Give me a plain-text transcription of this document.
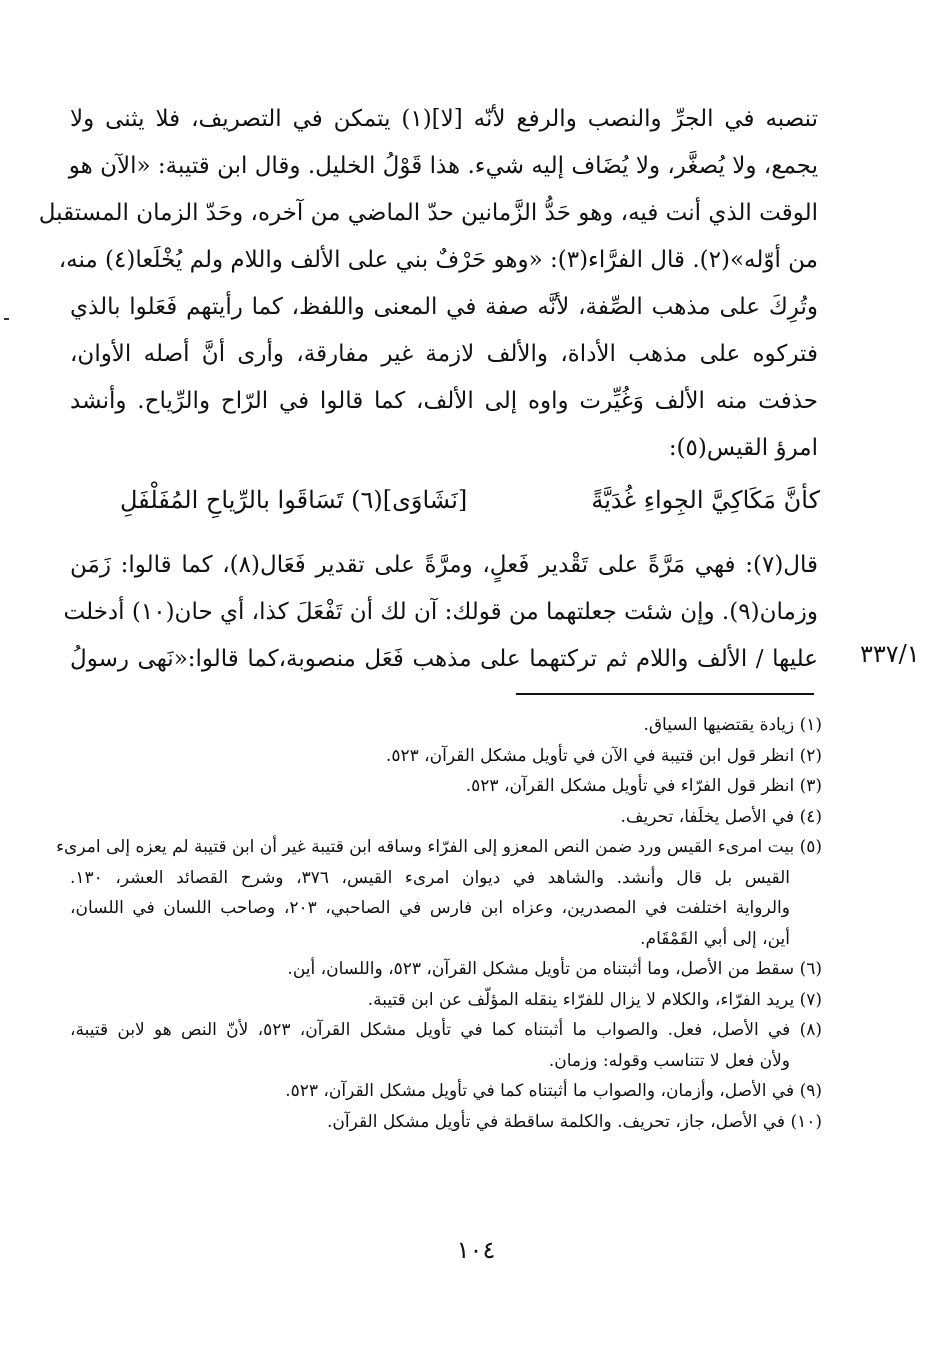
تنصبه في الجرِّ والنصب والرفع لأنّه [لا](١) يتمكن في التصريف، فلا يثنى ولا
يجمع، ولا يُصغَّر، ولا يُضَاف إليه شيء. هذا قَوْلُ الخليل. وقال ابن قتيبة: «الآن هو
الوقت الذي أنت فيه، وهو حَدُّ الزَّمانين حدّ الماضي من آخره، وحَدّ الزمان المستقبل
من أوّله»(٢). قال الفرَّاء(٣): «وهو حَرْفٌ بني على الألف واللام ولم يُخْلَعا(٤) منه،
وتُرِكَ على مذهب الصِّفة، لأنَّه صفة في المعنى واللفظ، كما رأيتهم فَعَلوا بالذي
فتركوه على مذهب الأداة، والألف لازمة غير مفارقة، وأرى أنَّ أصله الأوان،
حذفت منه الألف وَغُيِّرت واوه إلى الألف، كما قالوا في الرّاح والرِّياح. وأنشد
امرؤ القيس(٥):
كأنَّ مَكَاكِيَّ الجِواءِ غُدَيَّةً
[نَشَاوَى](٦) تَسَاقَوا بالرِّياحِ المُفَلْفَلِ
قال(٧): فهي مَرَّةً على تَقْدير فَعلٍ، ومرَّةً على تقدير فَعَال(٨)، كما قالوا: زَمَن
وزمان(٩). وإن شئت جعلتهما من قولك: آن لك أن تَفْعَلَ كذا، أي حان(١٠) أدخلت
عليها / الألف واللام ثم تركتهما على مذهب فَعَل منصوبة،كما قالوا:«نَهى رسولُ ٣٣٧/١
(١) زيادة يقتضيها السياق.
(٢) انظر قول ابن قتيبة في الآن في تأويل مشكل القرآن، ٥٢٣.
(٣) انظر قول الفرّاء في تأويل مشكل القرآن، ٥٢٣.
(٤) في الأصل يخلَفا، تحريف.
(٥) بيت امرىء القيس ورد ضمن النص المعزو إلى الفرّاء وساقه ابن قتيبة غير أن ابن قتيبة لم يعزه إلى امرىء
القيس بل قال وأنشد. والشاهد في ديوان امرىء القيس، ٣٧٦، وشرح القصائد العشر، ١٣٠.
والرواية اختلفت في المصدرين، وعزاه ابن فارس في الصاحبي، ٢٠٣، وصاحب اللسان في اللسان،
أين، إلى أبي القَمْقَام.
(٦) سقط من الأصل، وما أثبتناه من تأويل مشكل القرآن، ٥٢٣، واللسان، أين.
(٧) يريد الفرّاء، والكلام لا يزال للفرّاء ينقله المؤلّف عن ابن قتيبة.
(٨) في الأصل، فعل. والصواب ما أثبتناه كما في تأويل مشكل القرآن، ٥٢٣، لأنّ النص هو لابن قتيبة،
ولأن فعل لا تتناسب وقوله: وزمان.
(٩) في الأصل، وأزمان، والصواب ما أثبتناه كما في تأويل مشكل القرآن، ٥٢٣.
(١٠) في الأصل، جاز، تحريف. والكلمة ساقطة في تأويل مشكل القرآن.
١٠٤
